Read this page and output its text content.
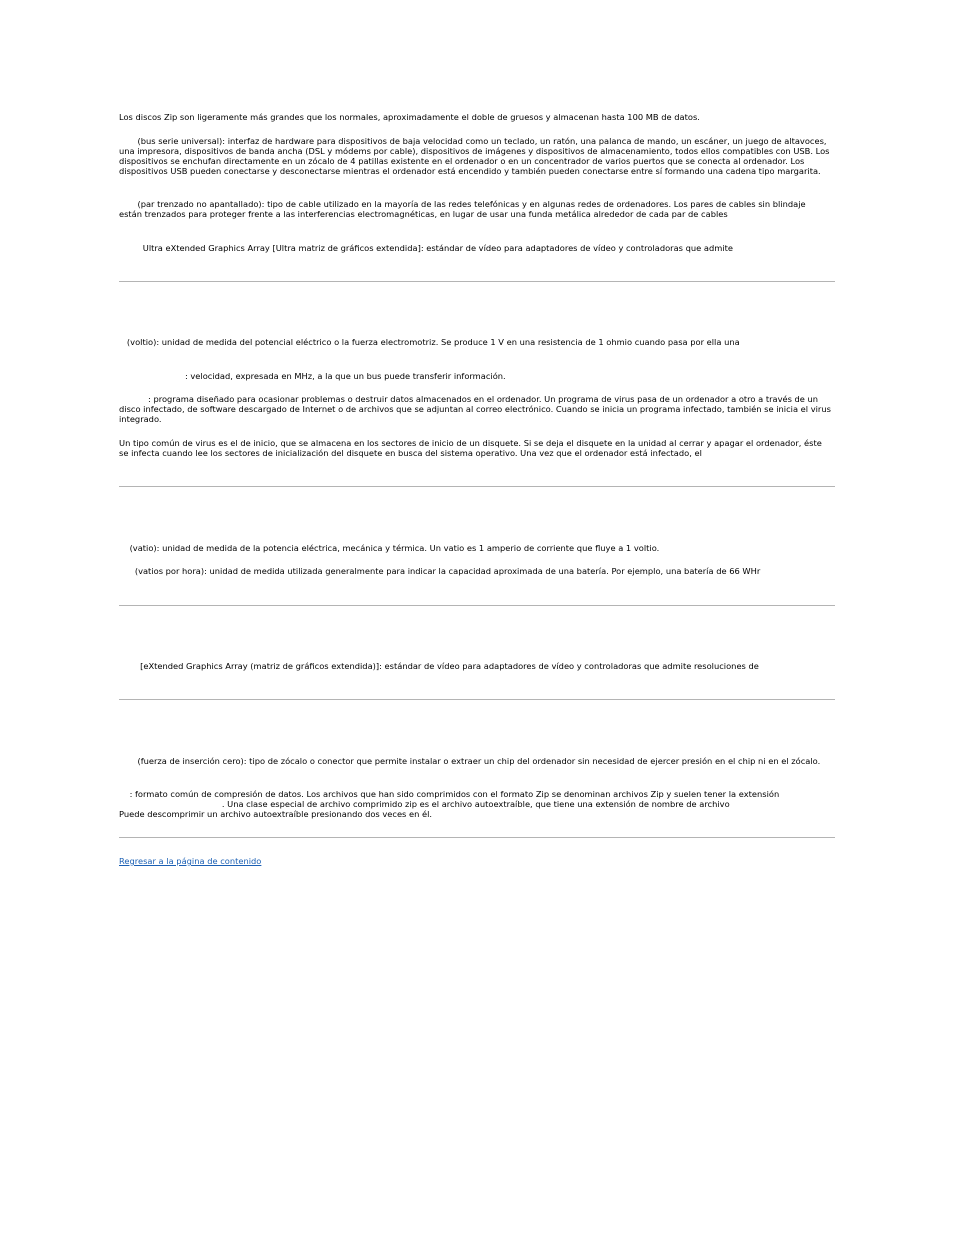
Los discos Zip son ligeramente más grandes que los normales, aproximadamente el doble de gruesos y almacenan hasta 100 MB de datos.

(bus serie universal): interfaz de hardware para dispositivos de baja velocidad como un teclado, un ratón, una palanca de mando, un escáner, un juego de altavoces, una impresora, dispositivos de banda ancha (DSL y módems por cable), dispositivos de imágenes y dispositivos de almacenamiento, todos ellos compatibles con USB. Los dispositivos se enchufan directamente en un zócalo de 4 patillas existente en el ordenador o en un concentrador de varios puertos que se conecta al ordenador. Los dispositivos USB pueden conectarse y desconectarse mientras el ordenador está encendido y también pueden conectarse entre sí formando una cadena tipo margarita.

(par trenzado no apantallado): tipo de cable utilizado en la mayoría de las redes telefónicas y en algunas redes de ordenadores. Los pares de cables sin blindaje están trenzados para proteger frente a las interferencias electromagnéticas, en lugar de usar una funda metálica alrededor de cada par de cables

Ultra eXtended Graphics Array [Ultra matriz de gráficos extendida]: estándar de vídeo para adaptadores de vídeo y controladoras que admite

(voltio): unidad de medida del potencial eléctrico o la fuerza electromotriz. Se produce 1 V en una resistencia de 1 ohmio cuando pasa por ella una

: velocidad, expresada en MHz, a la que un bus puede transferir información.

: programa diseñado para ocasionar problemas o destruir datos almacenados en el ordenador. Un programa de virus pasa de un ordenador a otro a través de un disco infectado, de software descargado de Internet o de archivos que se adjuntan al correo electrónico. Cuando se inicia un programa infectado, también se inicia el virus integrado.

Un tipo común de virus es el de inicio, que se almacena en los sectores de inicio de un disquete. Si se deja el disquete en la unidad al cerrar y apagar el ordenador, éste se infecta cuando lee los sectores de inicialización del disquete en busca del sistema operativo. Una vez que el ordenador está infectado, el

(vatio): unidad de medida de la potencia eléctrica, mecánica y térmica. Un vatio es 1 amperio de corriente que fluye a 1 voltio.

(vatios por hora): unidad de medida utilizada generalmente para indicar la capacidad aproximada de una batería. Por ejemplo, una batería de 66 WHr

[eXtended Graphics Array (matriz de gráficos extendida)]: estándar de vídeo para adaptadores de vídeo y controladoras que admite resoluciones de

(fuerza de inserción cero): tipo de zócalo o conector que permite instalar o extraer un chip del ordenador sin necesidad de ejercer presión en el chip ni en el zócalo.

: formato común de compresión de datos. Los archivos que han sido comprimidos con el formato Zip se denominan archivos Zip y suelen tener la extensión

. Una clase especial de archivo comprimido zip es el archivo autoextraíble, que tiene una extensión de nombre de archivo

Puede descomprimir un archivo autoextraíble presionando dos veces en él.

Regresar a la página de contenido
